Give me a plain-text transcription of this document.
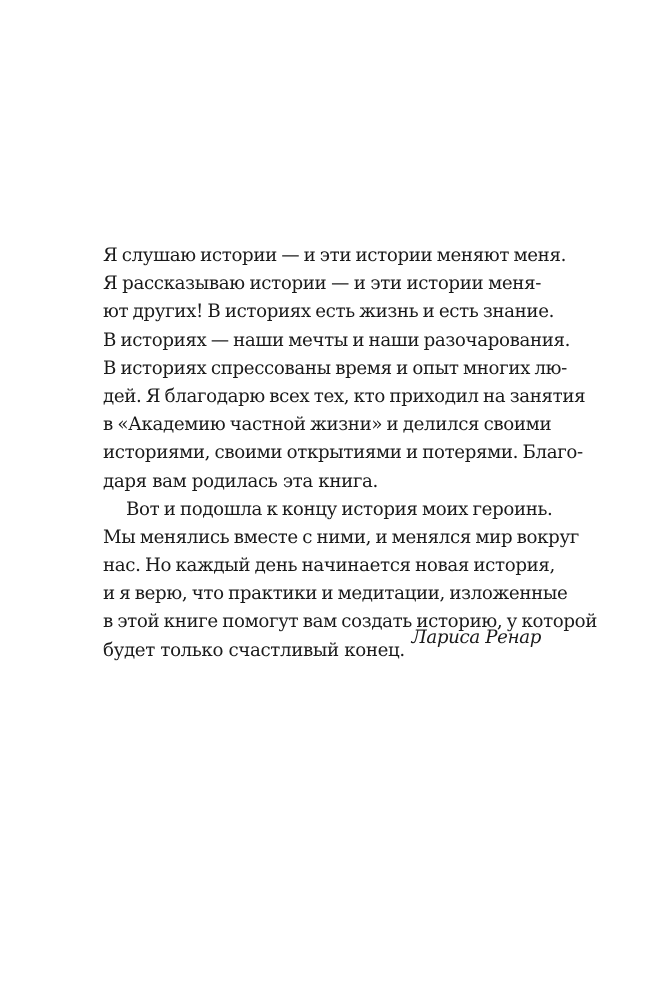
Я слушаю истории — и эти истории меняют меня.
Я рассказываю истории — и эти истории меня-
ют других! В историях есть жизнь и есть знание.
В историях — наши мечты и наши разочарования.
В историях спрессованы время и опыт многих лю-
дей. Я благодарю всех тех, кто приходил на занятия
в «Академию частной жизни» и делился своими
историями, своими открытиями и потерями. Благо-
даря вам родилась эта книга.
Вот и подошла к концу история моих героинь.
Мы менялись вместе с ними, и менялся мир вокруг
нас. Но каждый день начинается новая история,
и я верю, что практики и медитации, изложенные
в этой книге помогут вам создать историю, у которой
будет только счастливый конец.
Лариса Ренар
